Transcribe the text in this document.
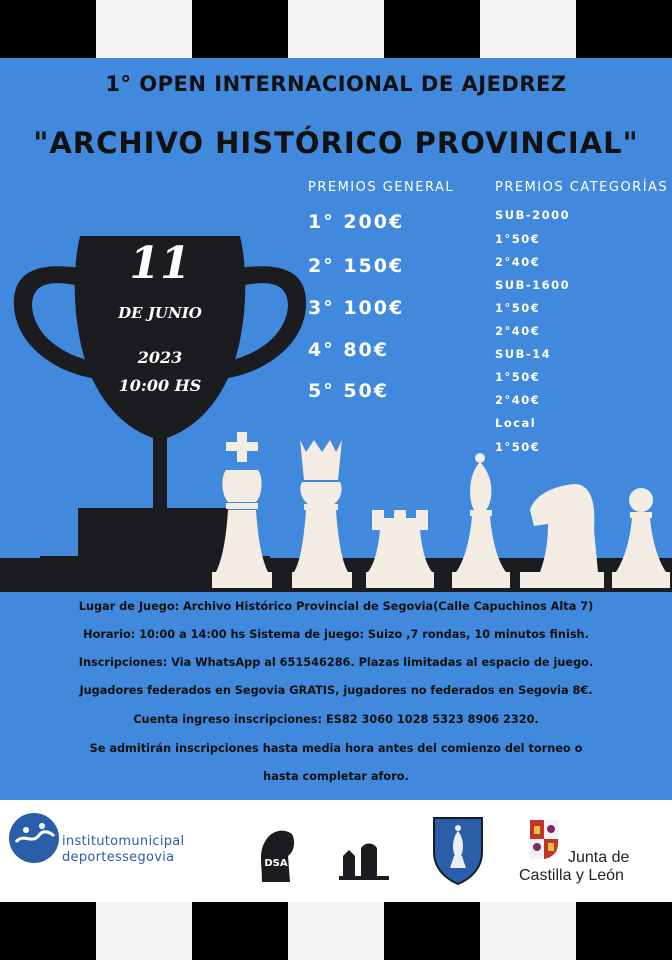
1° OPEN INTERNACIONAL DE AJEDREZ
"ARCHIVO HISTÓRICO PROVINCIAL"
11
DE JUNIO
2023
10:00 HS
PREMIOS GENERAL	PREMIOS CATEGORÍAS
1° 200€
2° 150€
3° 100€
4° 80€
5° 50€
SUB-2000
1°50€
2°40€
SUB-1600
1°50€
2°40€
SUB-14
1°50€
2°40€
Local
1°50€
Lugar de Juego: Archivo Histórico Provincial de Segovia(Calle Capuchinos Alta 7)
Horario: 10:00 a 14:00 hs Sistema de juego: Suizo ,7 rondas, 10 minutos finish.
Inscripciones: Via WhatsApp al 651546286. Plazas limitadas al espacio de juego.
Jugadores federados en Segovia GRATIS, jugadores no federados en Segovia 8€.
Cuenta ingreso inscripciones: ES82 3060 1028 5323 8906 2320.
Se admitirán inscripciones hasta media hora antes del comienzo del torneo o
hasta completar aforo.
institutomunicipal
deportessegovia	DSA	Junta de
Castilla y León
